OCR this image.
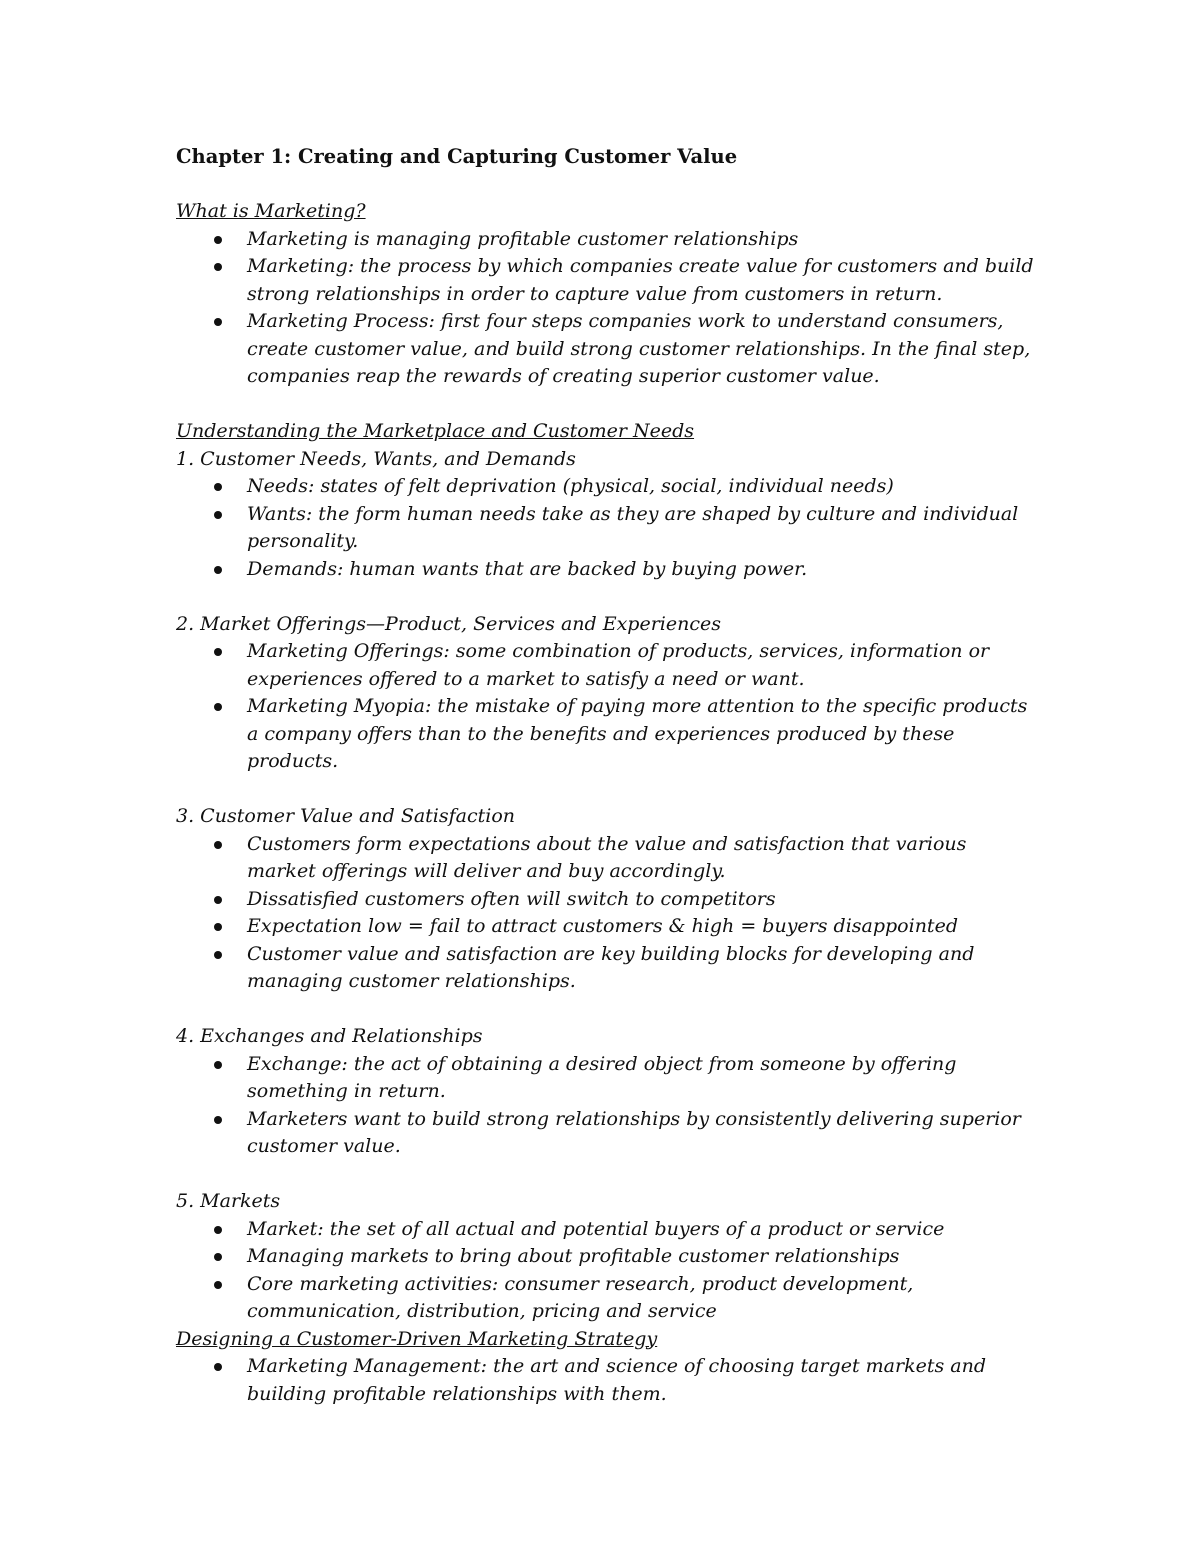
Chapter 1: Creating and Capturing Customer Value
What is Marketing?
Marketing is managing profitable customer relationships
Marketing: the process by which companies create value for customers and build strong relationships in order to capture value from customers in return.
Marketing Process: first four steps companies work to understand consumers, create customer value, and build strong customer relationships. In the final step, companies reap the rewards of creating superior customer value.
Understanding the Marketplace and Customer Needs
1. Customer Needs, Wants, and Demands
Needs: states of felt deprivation (physical, social, individual needs)
Wants: the form human needs take as they are shaped by culture and individual personality.
Demands: human wants that are backed by buying power.
2. Market Offerings—Product, Services and Experiences
Marketing Offerings: some combination of products, services, information or experiences offered to a market to satisfy a need or want.
Marketing Myopia: the mistake of paying more attention to the specific products a company offers than to the benefits and experiences produced by these products.
3. Customer Value and Satisfaction
Customers form expectations about the value and satisfaction that various market offerings will deliver and buy accordingly.
Dissatisfied customers often will switch to competitors
Expectation low = fail to attract customers & high = buyers disappointed
Customer value and satisfaction are key building blocks for developing and managing customer relationships.
4. Exchanges and Relationships
Exchange: the act of obtaining a desired object from someone by offering something in return.
Marketers want to build strong relationships by consistently delivering superior customer value.
5. Markets
Market: the set of all actual and potential buyers of a product or service
Managing markets to bring about profitable customer relationships
Core marketing activities: consumer research, product development, communication, distribution, pricing and service
Designing a Customer-Driven Marketing Strategy
Marketing Management: the art and science of choosing target markets and building profitable relationships with them.
